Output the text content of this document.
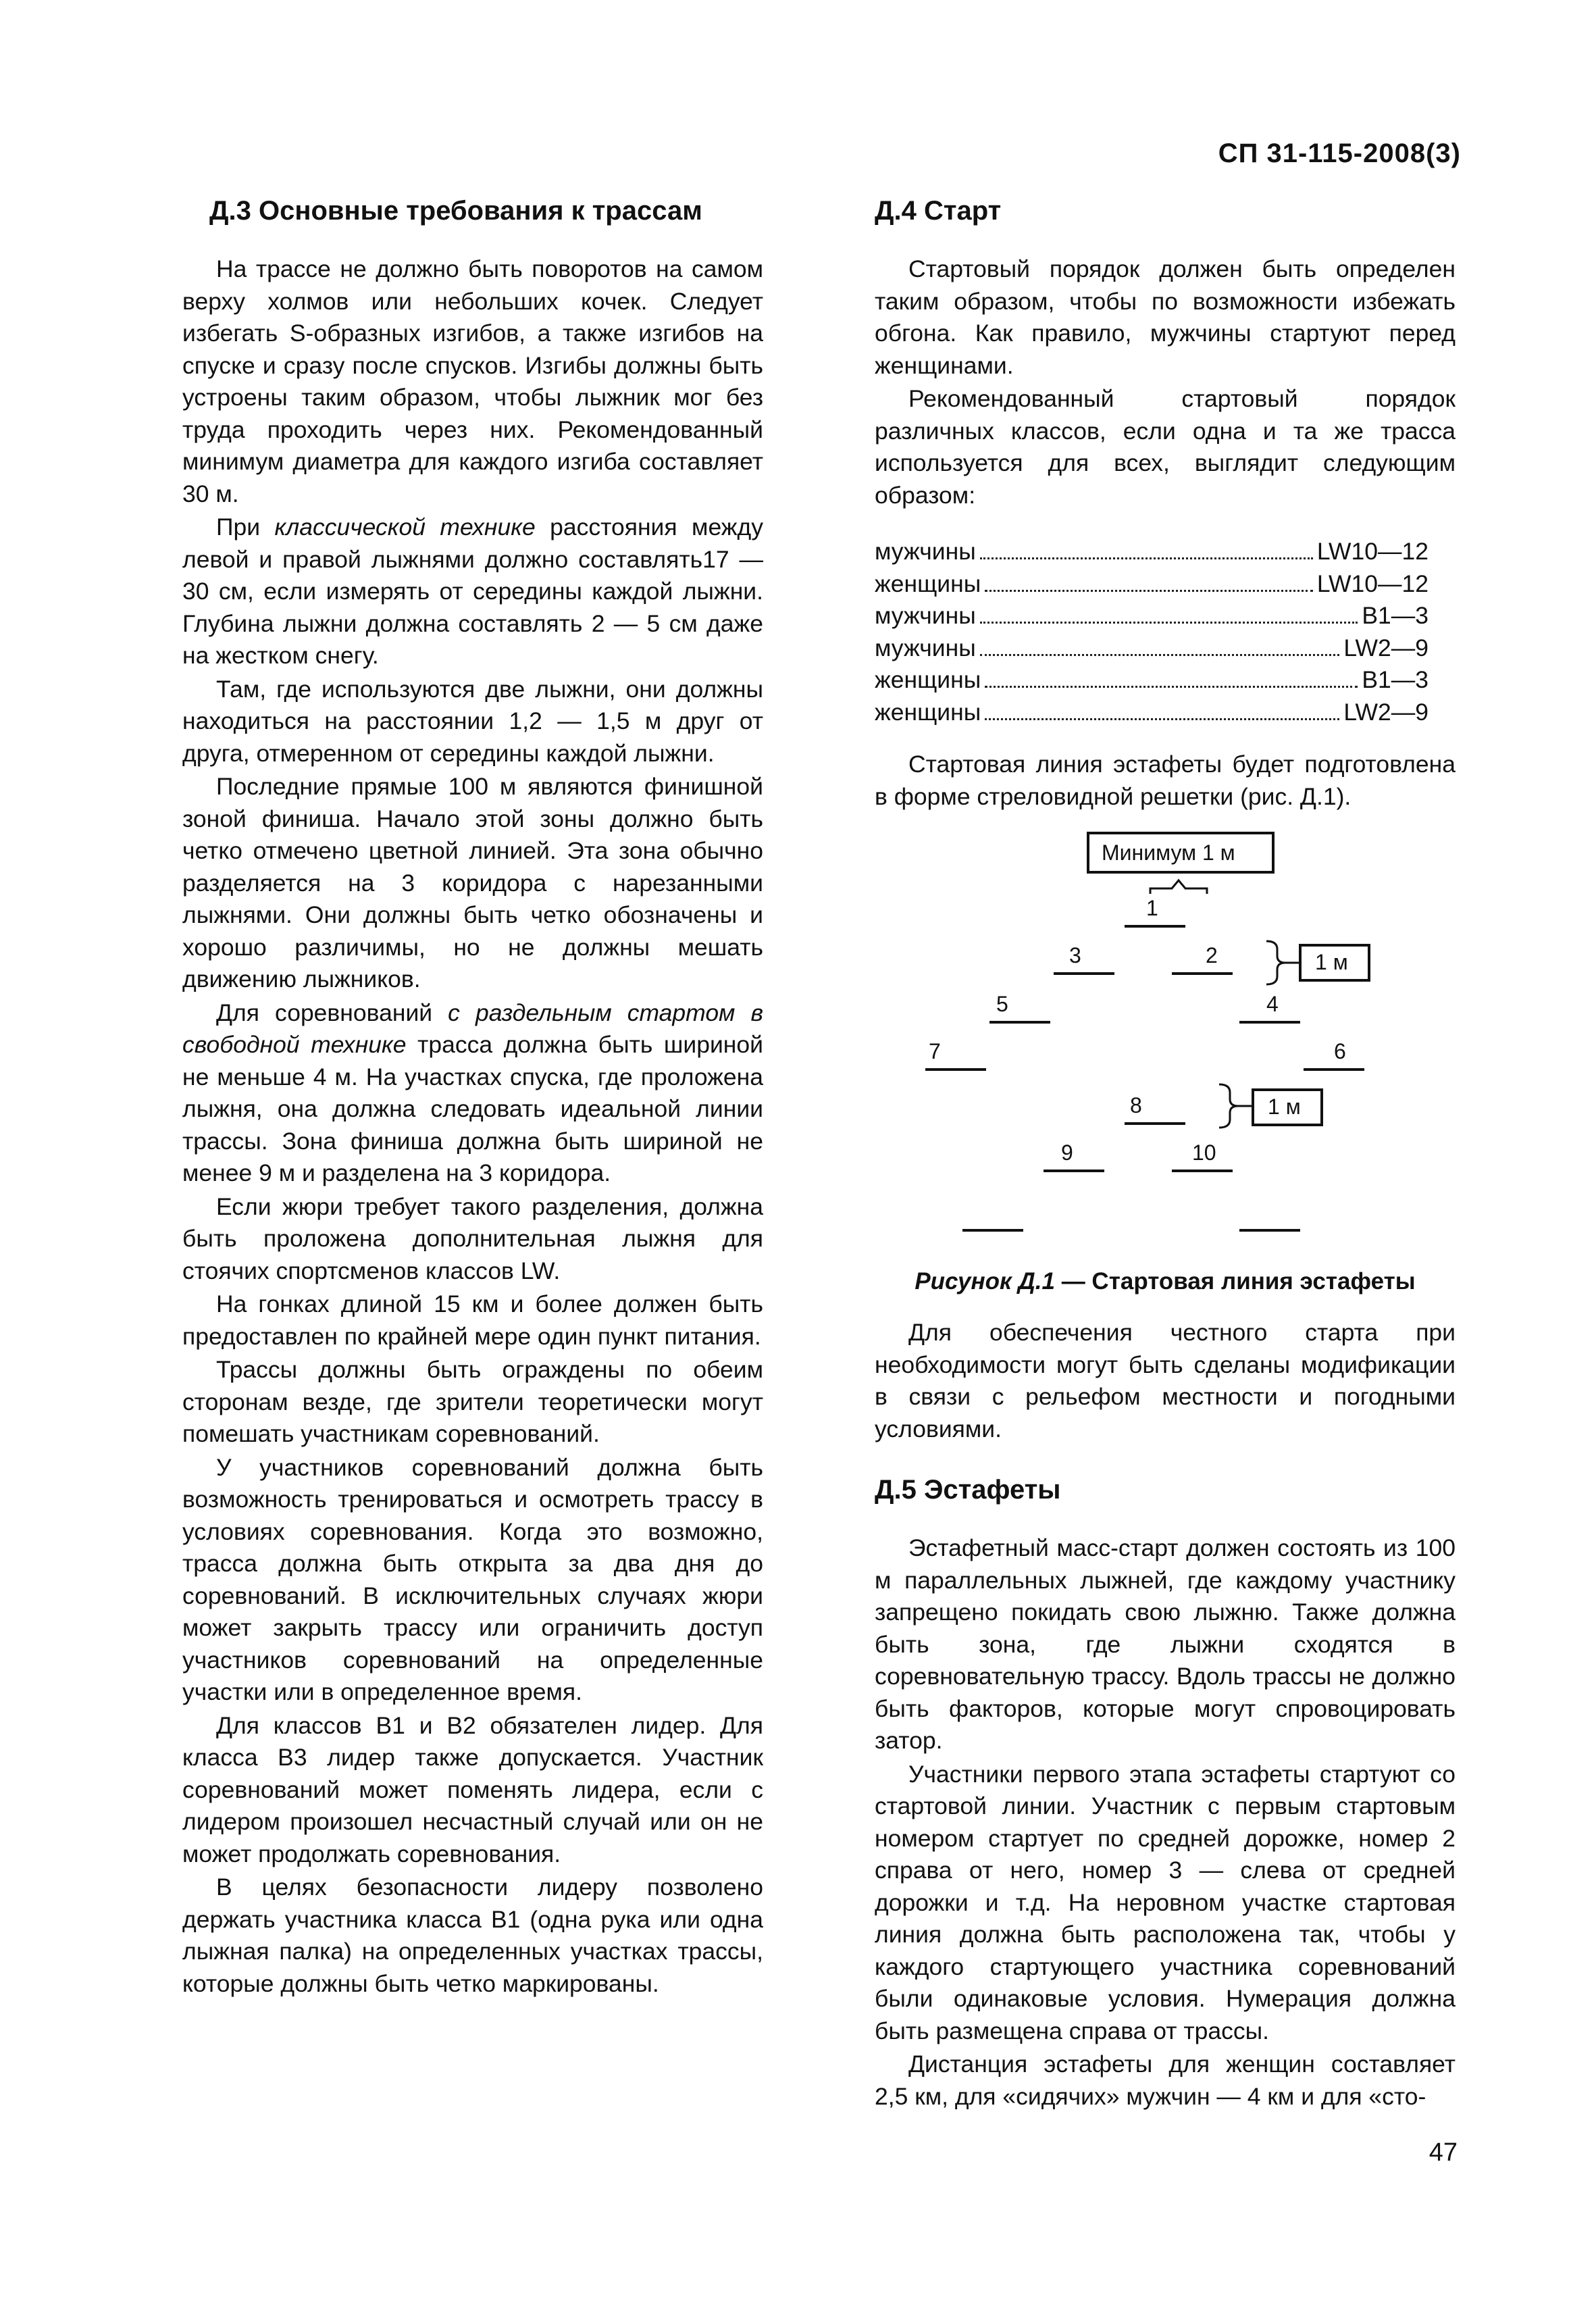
СП 31-115-2008(3)
Д.3 Основные требования к трассам

На трассе не должно быть поворотов на самом верху холмов или небольших кочек. Следует избегать S-образных изгибов, а также изгибов на спуске и сразу после спусков. Изгибы должны быть устроены таким образом, чтобы лыжник мог без труда проходить через них. Рекомендованный минимум диаметра для каждого изгиба составляет 30 м.

При классической технике расстояния между левой и правой лыжнями должно составлять17 — 30 см, если измерять от середины каждой лыжни. Глубина лыжни должна составлять 2 — 5 см даже на жестком снегу.

Там, где используются две лыжни, они должны находиться на расстоянии 1,2 — 1,5 м друг от друга, отмеренном от середины каждой лыжни.

Последние прямые 100 м являются финишной зоной финиша. Начало этой зоны должно быть четко отмечено цветной линией. Эта зона обычно разделяется на 3 коридора с нарезанными лыжнями. Они должны быть четко обозначены и хорошо различимы, но не должны мешать движению лыжников.

Для соревнований с раздельным стартом в свободной технике трасса должна быть шириной не меньше 4 м. На участках спуска, где проложена лыжня, она должна следовать идеальной линии трассы. Зона финиша должна быть шириной не менее 9 м и разделена на 3 коридора.

Если жюри требует такого разделения, должна быть проложена дополнительная лыжня для стоячих спортсменов классов LW.

На гонках длиной 15 км и более должен быть предоставлен по крайней мере один пункт питания.

Трассы должны быть ограждены по обеим сторонам везде, где зрители теоретически могут помешать участникам соревнований.

У участников соревнований должна быть возможность тренироваться и осмотреть трассу в условиях соревнования. Когда это возможно, трасса должна быть открыта за два дня до соревнований. В исключительных случаях жюри может закрыть трассу или ограничить доступ участников соревнований на определенные участки или в определенное время.

Для классов В1 и В2 обязателен лидер. Для класса В3 лидер также допускается. Участник соревнований может поменять лидера, если с лидером произошел несчастный случай или он не может продолжать соревнования.

В целях безопасности лидеру позволено держать участника класса В1 (одна рука или одна лыжная палка) на определенных участках трассы, которые должны быть четко маркированы.

Д.4 Старт

Стартовый порядок должен быть определен таким образом, чтобы по возможности избежать обгона. Как правило, мужчины стартуют перед женщинами.

Рекомендованный стартовый порядок различных классов, если одна и та же трасса используется для всех, выглядит следующим образом:

мужчины	LW10—12
женщины	LW10—12
мужчины	В1—3
мужчины	LW2—9
женщины	В1—3
женщины	LW2—9

Стартовая линия эстафеты будет подготовлена в форме стреловидной решетки (рис. Д.1).

Минимум 1 м
1 м
1 м
1
2
3
4
5
6
7
8
9	10
Рисунок Д.1 — Стартовая линия эстафеты

Для обеспечения честного старта при необходимости могут быть сделаны модификации в связи с рельефом местности и погодными условиями.

Д.5 Эстафеты

Эстафетный масс-старт должен состоять из 100 м параллельных лыжней, где каждому участнику запрещено покидать свою лыжню. Также должна быть зона, где лыжни сходятся в соревновательную трассу. Вдоль трассы не должно быть факторов, которые могут спровоцировать затор.

Участники первого этапа эстафеты стартуют со стартовой линии. Участник с первым стартовым номером стартует по средней дорожке, номер 2 справа от него, номер 3 — слева от средней дорожки и т.д. На неровном участке стартовая линия должна быть расположена так, чтобы у каждого стартующего участника соревнований были одинаковые условия. Нумерация должна быть размещена справа от трассы.

Дистанция эстафеты для женщин составляет 2,5 км, для «сидячих» мужчин — 4 км и для «сто-

47
